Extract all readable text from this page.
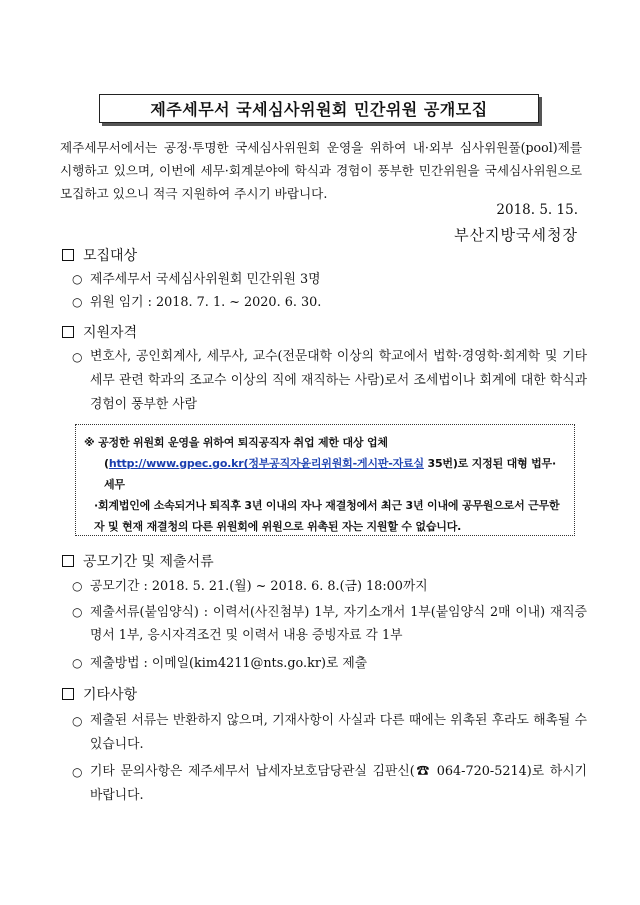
제주세무서 국세심사위원회 민간위원 공개모집
제주세무서에서는 공정·투명한 국세심사위원회 운영을 위하여 내·외부 심사위원풀(pool)제를 시행하고 있으며, 이번에 세무·회계분야에 학식과 경험이 풍부한 민간위원을 국세심사위원으로 모집하고 있으니 적극 지원하여 주시기 바랍니다.
2018. 5. 15.
부산지방국세청장
모집대상
○ 제주세무서 국세심사위원회 민간위원 3명
○ 위원 임기 : 2018. 7. 1. ~ 2020. 6. 30.
지원자격
○ 변호사, 공인회계사, 세무사, 교수(전문대학 이상의 학교에서 법학·경영학·회계학 및 기타 세무 관련 학과의 조교수 이상의 직에 재직하는 사람)로서 조세법이나 회계에 대한 학식과 경험이 풍부한 사람
※ 공정한 위원회 운영을 위하여 퇴직공직자 취업 제한 대상 업체
(http://www.gpec.go.kr(정부공직자윤리위원회-게시판-자료실 35번)로 지정된 대형 법무·세무
·회계법인에 소속되거나 퇴직후 3년 이내의 자나 재결청에서 최근 3년 이내에 공무원으로서 근무한 자 및 현재 재결청의 다른 위원회에 위원으로 위촉된 자는 지원할 수 없습니다.
공모기간 및 제출서류
○ 공모기간 : 2018. 5. 21.(월) ~ 2018. 6. 8.(금) 18:00까지
○ 제출서류(붙임양식) : 이력서(사진첨부) 1부, 자기소개서 1부(붙임양식 2매 이내) 재직증명서 1부, 응시자격조건 및 이력서 내용 증빙자료 각 1부
○ 제출방법 : 이메일(kim4211@nts.go.kr)로 제출
기타사항
○ 제출된 서류는 반환하지 않으며, 기재사항이 사실과 다른 때에는 위촉된 후라도 해촉될 수 있습니다.
○ 기타 문의사항은 제주세무서 납세자보호담당관실 김판신(☎ 064-720-5214)로 하시기 바랍니다.
